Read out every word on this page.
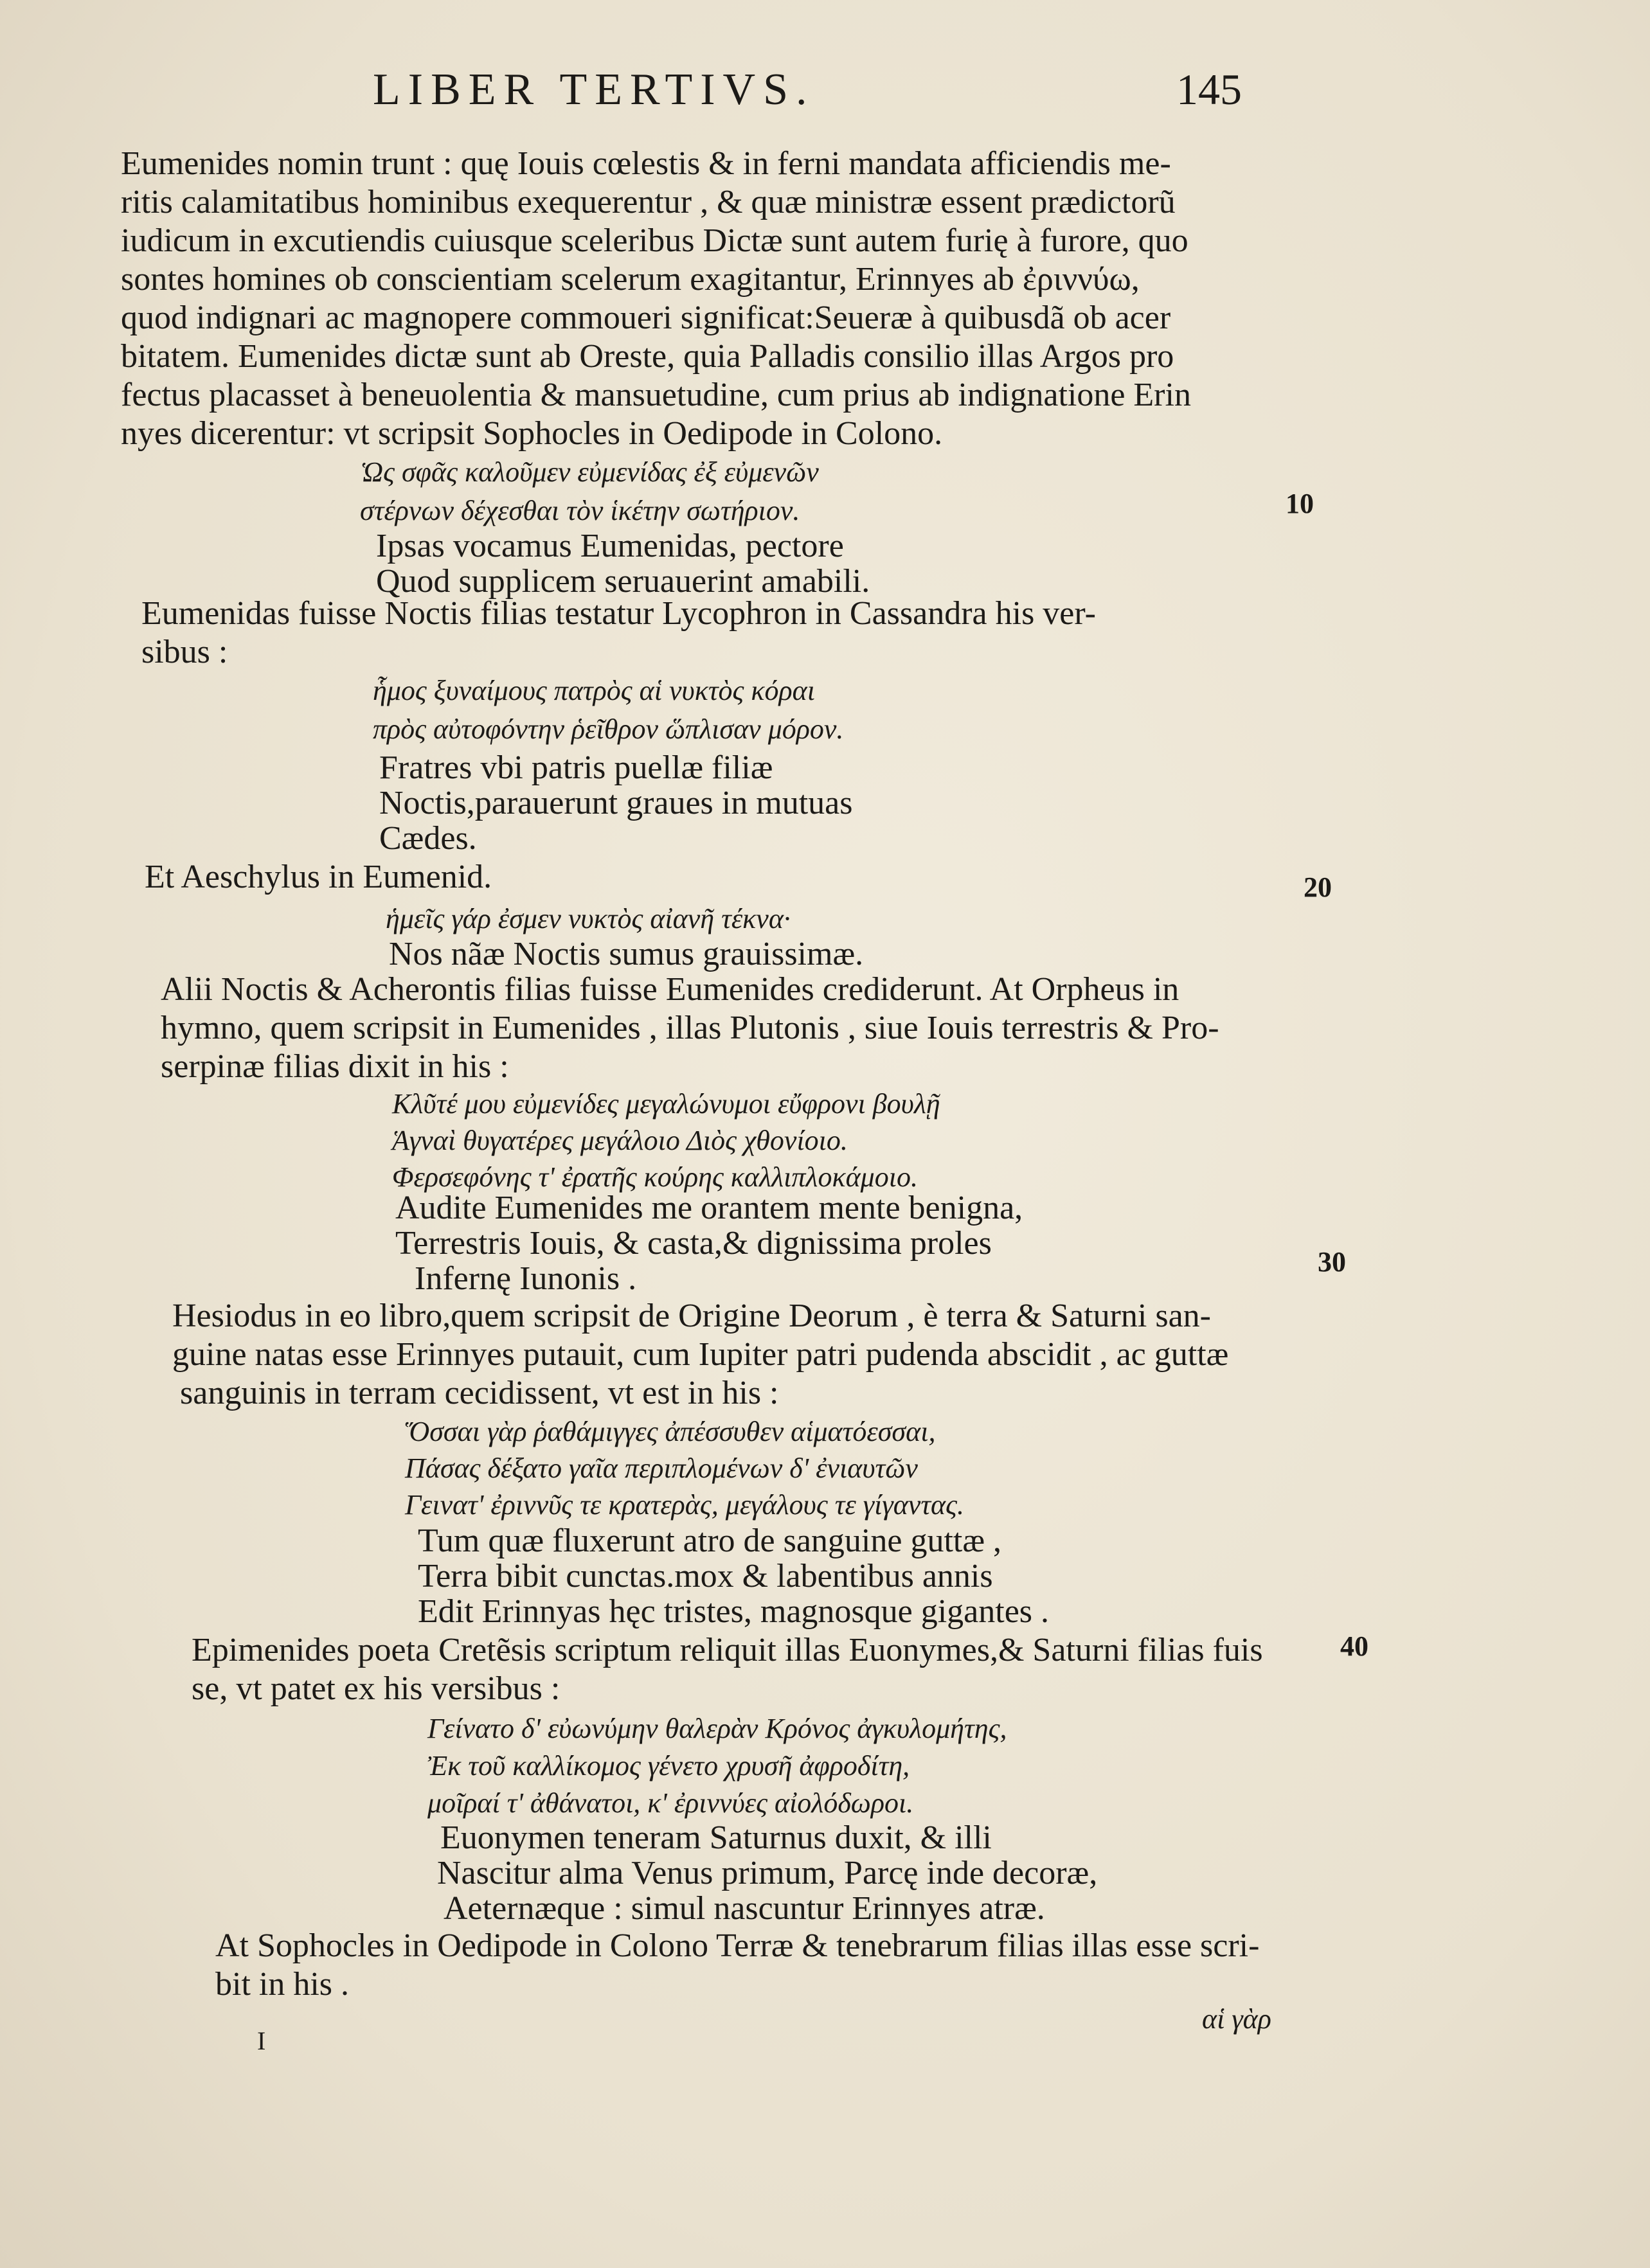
LIBER TERTIVS.	145
Eumenides nomin trunt : quę Iouis cœlestis & in ferni mandata afficiendis me-
ritis calamitatibus hominibus exequerentur , & quæ ministræ essent prædictorũ
iudicum in excutiendis cuiusque sceleribus Dictæ sunt autem furię à furore, quo
sontes homines ob conscientiam scelerum exagitantur, Erinnyes ab ἐριννύω,
quod indignari ac magnopere commoueri significat:Seueræ à quibusdã ob acer
bitatem. Eumenides dictæ sunt ab Oreste, quia Palladis consilio illas Argos pro
fectus placasset à beneuolentia & mansuetudine, cum prius ab indignatione Erin
nyes dicerentur: vt scripsit Sophocles in Oedipode in Colono.
Ὡς σφᾶς καλοῦμεν εὐμενίδας ἐξ εὐμενῶν
στέρνων δέχεσθαι τὸν ἱκέτην σωτήριον.
Ipsas vocamus Eumenidas, pectore
Quod supplicem seruauerint amabili.
Eumenidas fuisse Noctis filias testatur Lycophron in Cassandra his ver-
sibus :
ἧμος ξυναίμους πατρὸς αἱ νυκτὸς κόραι
πρὸς αὐτοφόντην ῥεῖθρον ὥπλισαν μόρον.
Fratres vbi patris puellæ filiæ
Noctis,parauerunt graues in mutuas
Cædes.
Et Aeschylus in Eumenid.
ἡμεῖς γάρ ἐσμεν νυκτὸς αἰανῆ τέκνα·
Nos nãæ Noctis sumus grauissimæ.
Alii Noctis & Acherontis filias fuisse Eumenides crediderunt. At Orpheus in
hymno, quem scripsit in Eumenides , illas Plutonis , siue Iouis terrestris & Pro-
serpinæ filias dixit in his :
Κλῦτέ μου εὐμενίδες μεγαλώνυμοι εὔφρονι βουλῇ
Ἁγναὶ θυγατέρες μεγάλοιο Διὸς χθονίοιο.
Φερσεφόνης τ' ἐρατῆς κούρης καλλιπλοκάμοιο.
Audite Eumenides me orantem mente benigna,
Terrestris Iouis, & casta,& dignissima proles
Infernę Iunonis .
Hesiodus in eo libro,quem scripsit de Origine Deorum , è terra & Saturni san-
guine natas esse Erinnyes putauit, cum Iupiter patri pudenda abscidit , ac guttæ
sanguinis in terram cecidissent, vt est in his :
Ὅσσαι γὰρ ῥαθάμιγγες ἀπέσσυθεν αἱματόεσσαι,
Πάσας δέξατο γαῖα περιπλομένων δ' ἐνιαυτῶν
Γεινατ' ἐριννῦς τε κρατερὰς, μεγάλους τε γίγαντας.
Tum quæ fluxerunt atro de sanguine guttæ ,
Terra bibit cunctas.mox & labentibus annis
Edit Erinnyas hęc tristes, magnosque gigantes .
Epimenides poeta Cretẽsis scriptum reliquit illas Euonymes,& Saturni filias fuis
se, vt patet ex his versibus :
Γείνατο δ' εὐωνύμην θαλερὰν Κρόνος ἀγκυλομήτης,
Ἐκ τοῦ καλλίκομος γένετο χρυσῆ ἀφροδίτη,
μοῖραί τ' ἀθάνατοι, κ' ἐριννύες αἰολόδωροι.
Euonymen teneram Saturnus duxit, & illi
Nascitur alma Venus primum, Parcę inde decoræ,
Aeternæque : simul nascuntur Erinnyes atræ.
At Sophocles in Oedipode in Colono Terræ & tenebrarum filias illas esse scri-
bit in his .
10
20
30
40
I
αἱ γὰρ
